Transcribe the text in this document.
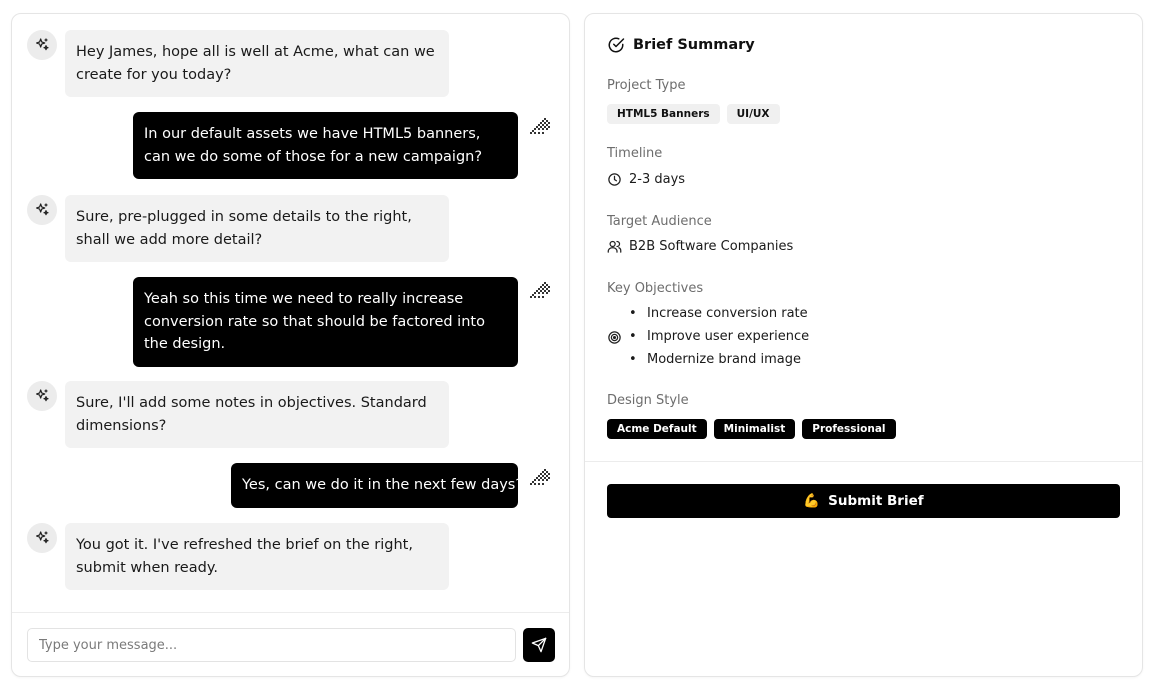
Hey James, hope all is well at Acme, what can we create for you today?
In our default assets we have HTML5 banners, can we do some of those for a new campaign?
Sure, pre-plugged in some details to the right, shall we add more detail?
Yeah so this time we need to really increase conversion rate so that should be factored into the design.
Sure, I'll add some notes in objectives. Standard dimensions?
Yes, can we do it in the next few days?
You got it. I've refreshed the brief on the right, submit when ready.
Type your message...
Brief Summary
Project Type
HTML5 Banners	UI/UX
Timeline
2-3 days
Target Audience
B2B Software Companies
Key Objectives
• Increase conversion rate
• Improve user experience
• Modernize brand image
Design Style
Acme Default	Minimalist	Professional
💪 Submit Brief
